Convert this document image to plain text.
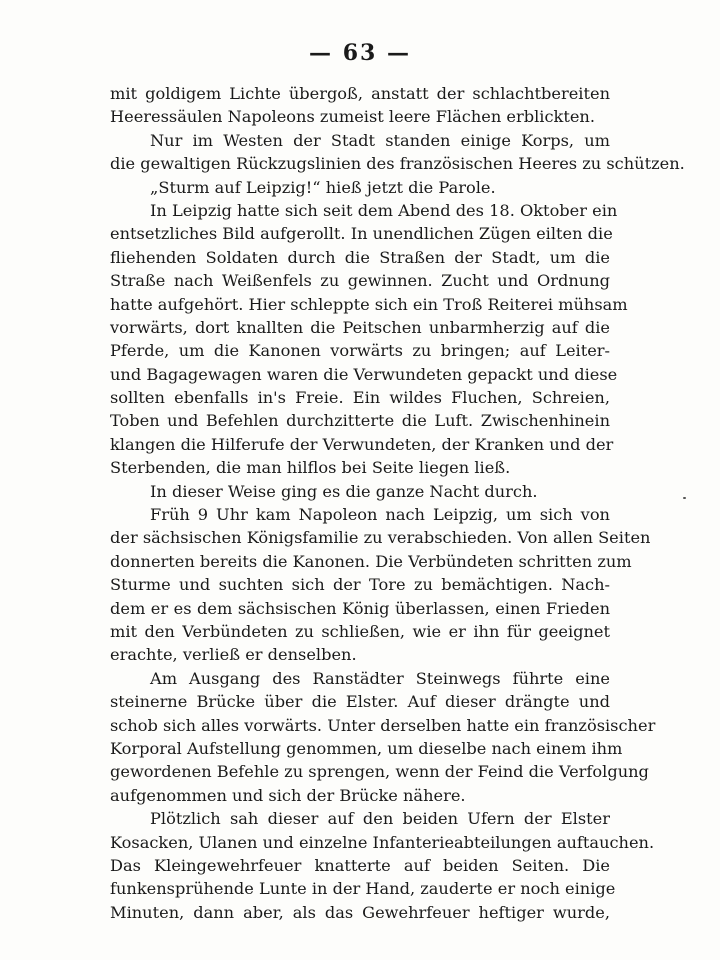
— 63 —
mit goldigem Lichte übergoß, anstatt der schlachtbereiten
Heeressäulen Napoleons zumeist leere Flächen erblickten.
Nur im Westen der Stadt standen einige Korps, um
die gewaltigen Rückzugslinien des französischen Heeres zu schützen.
„Sturm auf Leipzig!“ hieß jetzt die Parole.
In Leipzig hatte sich seit dem Abend des 18. Oktober ein
entsetzliches Bild aufgerollt. In unendlichen Zügen eilten die
fliehenden Soldaten durch die Straßen der Stadt, um die
Straße nach Weißenfels zu gewinnen. Zucht und Ordnung
hatte aufgehört. Hier schleppte sich ein Troß Reiterei mühsam
vorwärts, dort knallten die Peitschen unbarmherzig auf die
Pferde, um die Kanonen vorwärts zu bringen; auf Leiter-
und Bagagewagen waren die Verwundeten gepackt und diese
sollten ebenfalls in's Freie. Ein wildes Fluchen, Schreien,
Toben und Befehlen durchzitterte die Luft. Zwischenhinein
klangen die Hilferufe der Verwundeten, der Kranken und der
Sterbenden, die man hilflos bei Seite liegen ließ.
In dieser Weise ging es die ganze Nacht durch.
Früh 9 Uhr kam Napoleon nach Leipzig, um sich von
der sächsischen Königsfamilie zu verabschieden. Von allen Seiten
donnerten bereits die Kanonen. Die Verbündeten schritten zum
Sturme und suchten sich der Tore zu bemächtigen. Nach-
dem er es dem sächsischen König überlassen, einen Frieden
mit den Verbündeten zu schließen, wie er ihn für geeignet
erachte, verließ er denselben.
Am Ausgang des Ranstädter Steinwegs führte eine
steinerne Brücke über die Elster. Auf dieser drängte und
schob sich alles vorwärts. Unter derselben hatte ein französischer
Korporal Aufstellung genommen, um dieselbe nach einem ihm
gewordenen Befehle zu sprengen, wenn der Feind die Verfolgung
aufgenommen und sich der Brücke nähere.
Plötzlich sah dieser auf den beiden Ufern der Elster
Kosacken, Ulanen und einzelne Infanterieabteilungen auftauchen.
Das Kleingewehrfeuer knatterte auf beiden Seiten. Die
funkensprühende Lunte in der Hand, zauderte er noch einige
Minuten, dann aber, als das Gewehrfeuer heftiger wurde,
